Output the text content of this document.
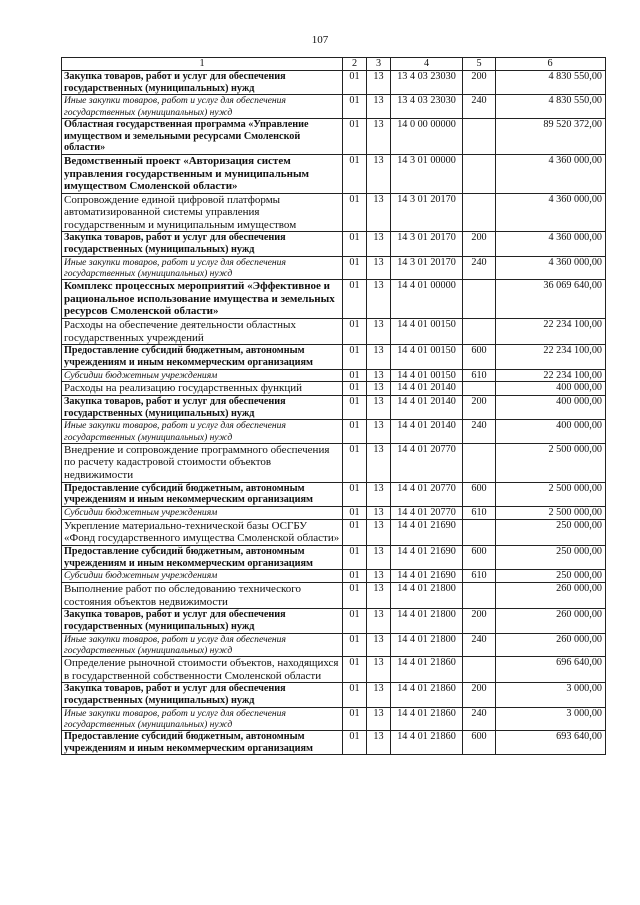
107
1	2	3	4	5	6
Закупка товаров, работ и услуг для обеспечения государственных (муниципальных) нужд	01	13	13 4 03 23030	200	4 830 550,00
Иные закупки товаров, работ и услуг для обеспечения государственных (муниципальных) нужд	01	13	13 4 03 23030	240	4 830 550,00
Областная государственная программа «Управление имуществом и земельными ресурсами Смоленской области»	01	13	14 0 00 00000		89 520 372,00
Ведомственный проект «Авторизация систем управления государственным и муниципальным имуществом Смоленской области»	01	13	14 3 01 00000		4 360 000,00
Сопровождение единой цифровой платформы автоматизированной системы управления государственным и муниципальным имуществом	01	13	14 3 01 20170		4 360 000,00
Закупка товаров, работ и услуг для обеспечения государственных (муниципальных) нужд	01	13	14 3 01 20170	200	4 360 000,00
Иные закупки товаров, работ и услуг для обеспечения государственных (муниципальных) нужд	01	13	14 3 01 20170	240	4 360 000,00
Комплекс процессных мероприятий «Эффективное и рациональное использование имущества и земельных ресурсов Смоленской области»	01	13	14 4 01 00000		36 069 640,00
Расходы на обеспечение деятельности областных государственных учреждений	01	13	14 4 01 00150		22 234 100,00
Предоставление субсидий бюджетным, автономным учреждениям и иным некоммерческим организациям	01	13	14 4 01 00150	600	22 234 100,00
Субсидии бюджетным учреждениям	01	13	14 4 01 00150	610	22 234 100,00
Расходы на реализацию государственных функций	01	13	14 4 01 20140		400 000,00
Закупка товаров, работ и услуг для обеспечения государственных (муниципальных) нужд	01	13	14 4 01 20140	200	400 000,00
Иные закупки товаров, работ и услуг для обеспечения государственных (муниципальных) нужд	01	13	14 4 01 20140	240	400 000,00
Внедрение и сопровождение программного обеспечения по расчету кадастровой стоимости объектов недвижимости	01	13	14 4 01 20770		2 500 000,00
Предоставление субсидий бюджетным, автономным учреждениям и иным некоммерческим организациям	01	13	14 4 01 20770	600	2 500 000,00
Субсидии бюджетным учреждениям	01	13	14 4 01 20770	610	2 500 000,00
Укрепление материально-технической базы ОСГБУ «Фонд государственного имущества Смоленской области»	01	13	14 4 01 21690		250 000,00
Предоставление субсидий бюджетным, автономным учреждениям и иным некоммерческим организациям	01	13	14 4 01 21690	600	250 000,00
Субсидии бюджетным учреждениям	01	13	14 4 01 21690	610	250 000,00
Выполнение работ по обследованию технического состояния объектов недвижимости	01	13	14 4 01 21800		260 000,00
Закупка товаров, работ и услуг для обеспечения государственных (муниципальных) нужд	01	13	14 4 01 21800	200	260 000,00
Иные закупки товаров, работ и услуг для обеспечения государственных (муниципальных) нужд	01	13	14 4 01 21800	240	260 000,00
Определение рыночной стоимости объектов, находящихся в государственной собственности Смоленской области	01	13	14 4 01 21860		696 640,00
Закупка товаров, работ и услуг для обеспечения государственных (муниципальных) нужд	01	13	14 4 01 21860	200	3 000,00
Иные закупки товаров, работ и услуг для обеспечения государственных (муниципальных) нужд	01	13	14 4 01 21860	240	3 000,00
Предоставление субсидий бюджетным, автономным учреждениям и иным некоммерческим организациям	01	13	14 4 01 21860	600	693 640,00
